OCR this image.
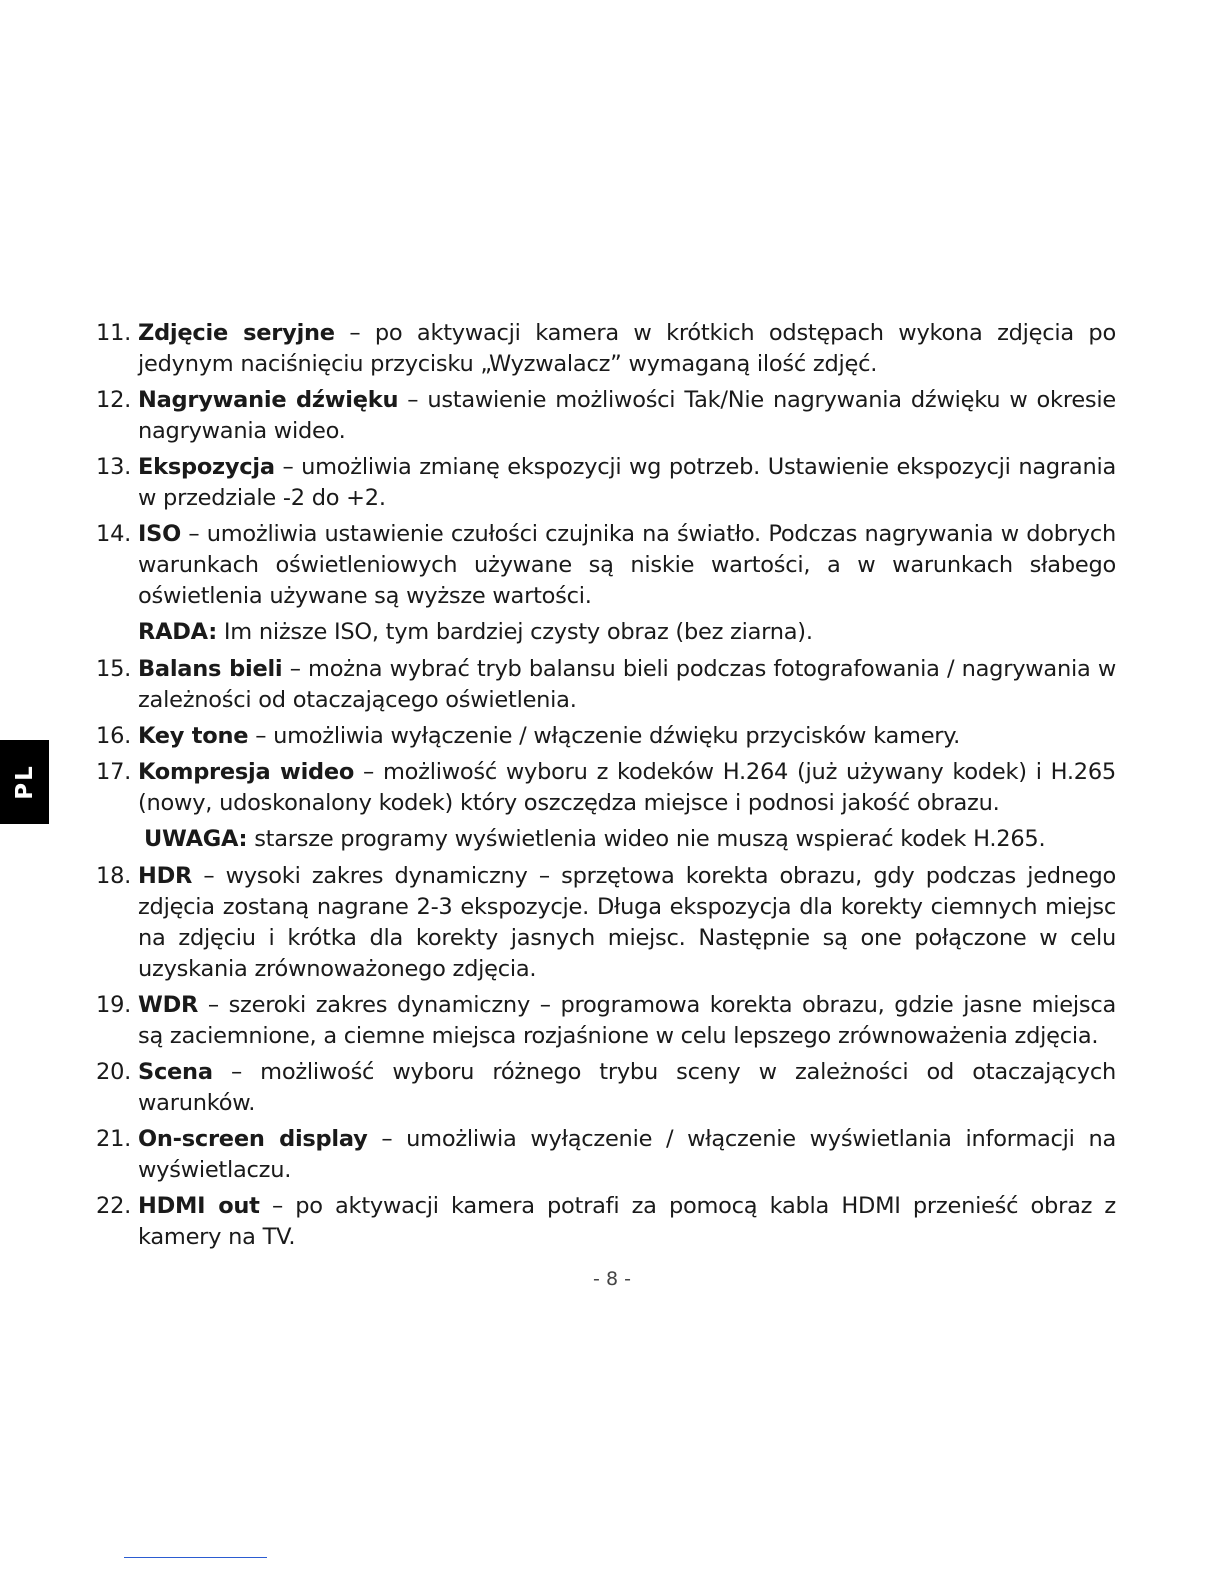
PL
11. Zdjęcie seryjne – po aktywacji kamera w krótkich odstępach wykona zdjęcia po jedynym naciśnięciu przycisku „Wyzwalacz” wymaganą ilość zdjęć.
12. Nagrywanie dźwięku – ustawienie możliwości Tak/Nie nagrywania dźwięku w okresie nagrywania wideo.
13. Ekspozycja – umożliwia zmianę ekspozycji wg potrzeb. Ustawienie ekspozycji nagrania w przedziale -2 do +2.
14. ISO – umożliwia ustawienie czułości czujnika na światło. Podczas nagrywania w dobrych warunkach oświetleniowych używane są niskie wartości, a w warunkach słabego oświetlenia używane są wyższe wartości.
RADA: Im niższe ISO, tym bardziej czysty obraz (bez ziarna).
15. Balans bieli – można wybrać tryb balansu bieli podczas fotografowania / nagrywania w zależności od otaczającego oświetlenia.
16. Key tone – umożliwia wyłączenie / włączenie dźwięku przycisków kamery.
17. Kompresja wideo – możliwość wyboru z kodeków H.264 (już używany kodek) i H.265 (nowy, udoskonalony kodek) który oszczędza miejsce i podnosi jakość obrazu.
UWAGA: starsze programy wyświetlenia wideo nie muszą wspierać kodek H.265.
18. HDR – wysoki zakres dynamiczny – sprzętowa korekta obrazu, gdy podczas jednego zdjęcia zostaną nagrane 2-3 ekspozycje. Długa ekspozycja dla korekty ciemnych miejsc na zdjęciu i krótka dla korekty jasnych miejsc. Następnie są one połączone w celu uzyskania zrównoważonego zdjęcia.
19. WDR – szeroki zakres dynamiczny – programowa korekta obrazu, gdzie jasne miejsca są zaciemnione, a ciemne miejsca rozjaśnione w celu lepszego zrównoważenia zdjęcia.
20. Scena – możliwość wyboru różnego trybu sceny w zależności od otaczających warunków.
21. On-screen display – umożliwia wyłączenie / włączenie wyświetlania informacji na wyświetlaczu.
22. HDMI out – po aktywacji kamera potrafi za pomocą kabla HDMI przenieść obraz z kamery na TV.
- 8 -
